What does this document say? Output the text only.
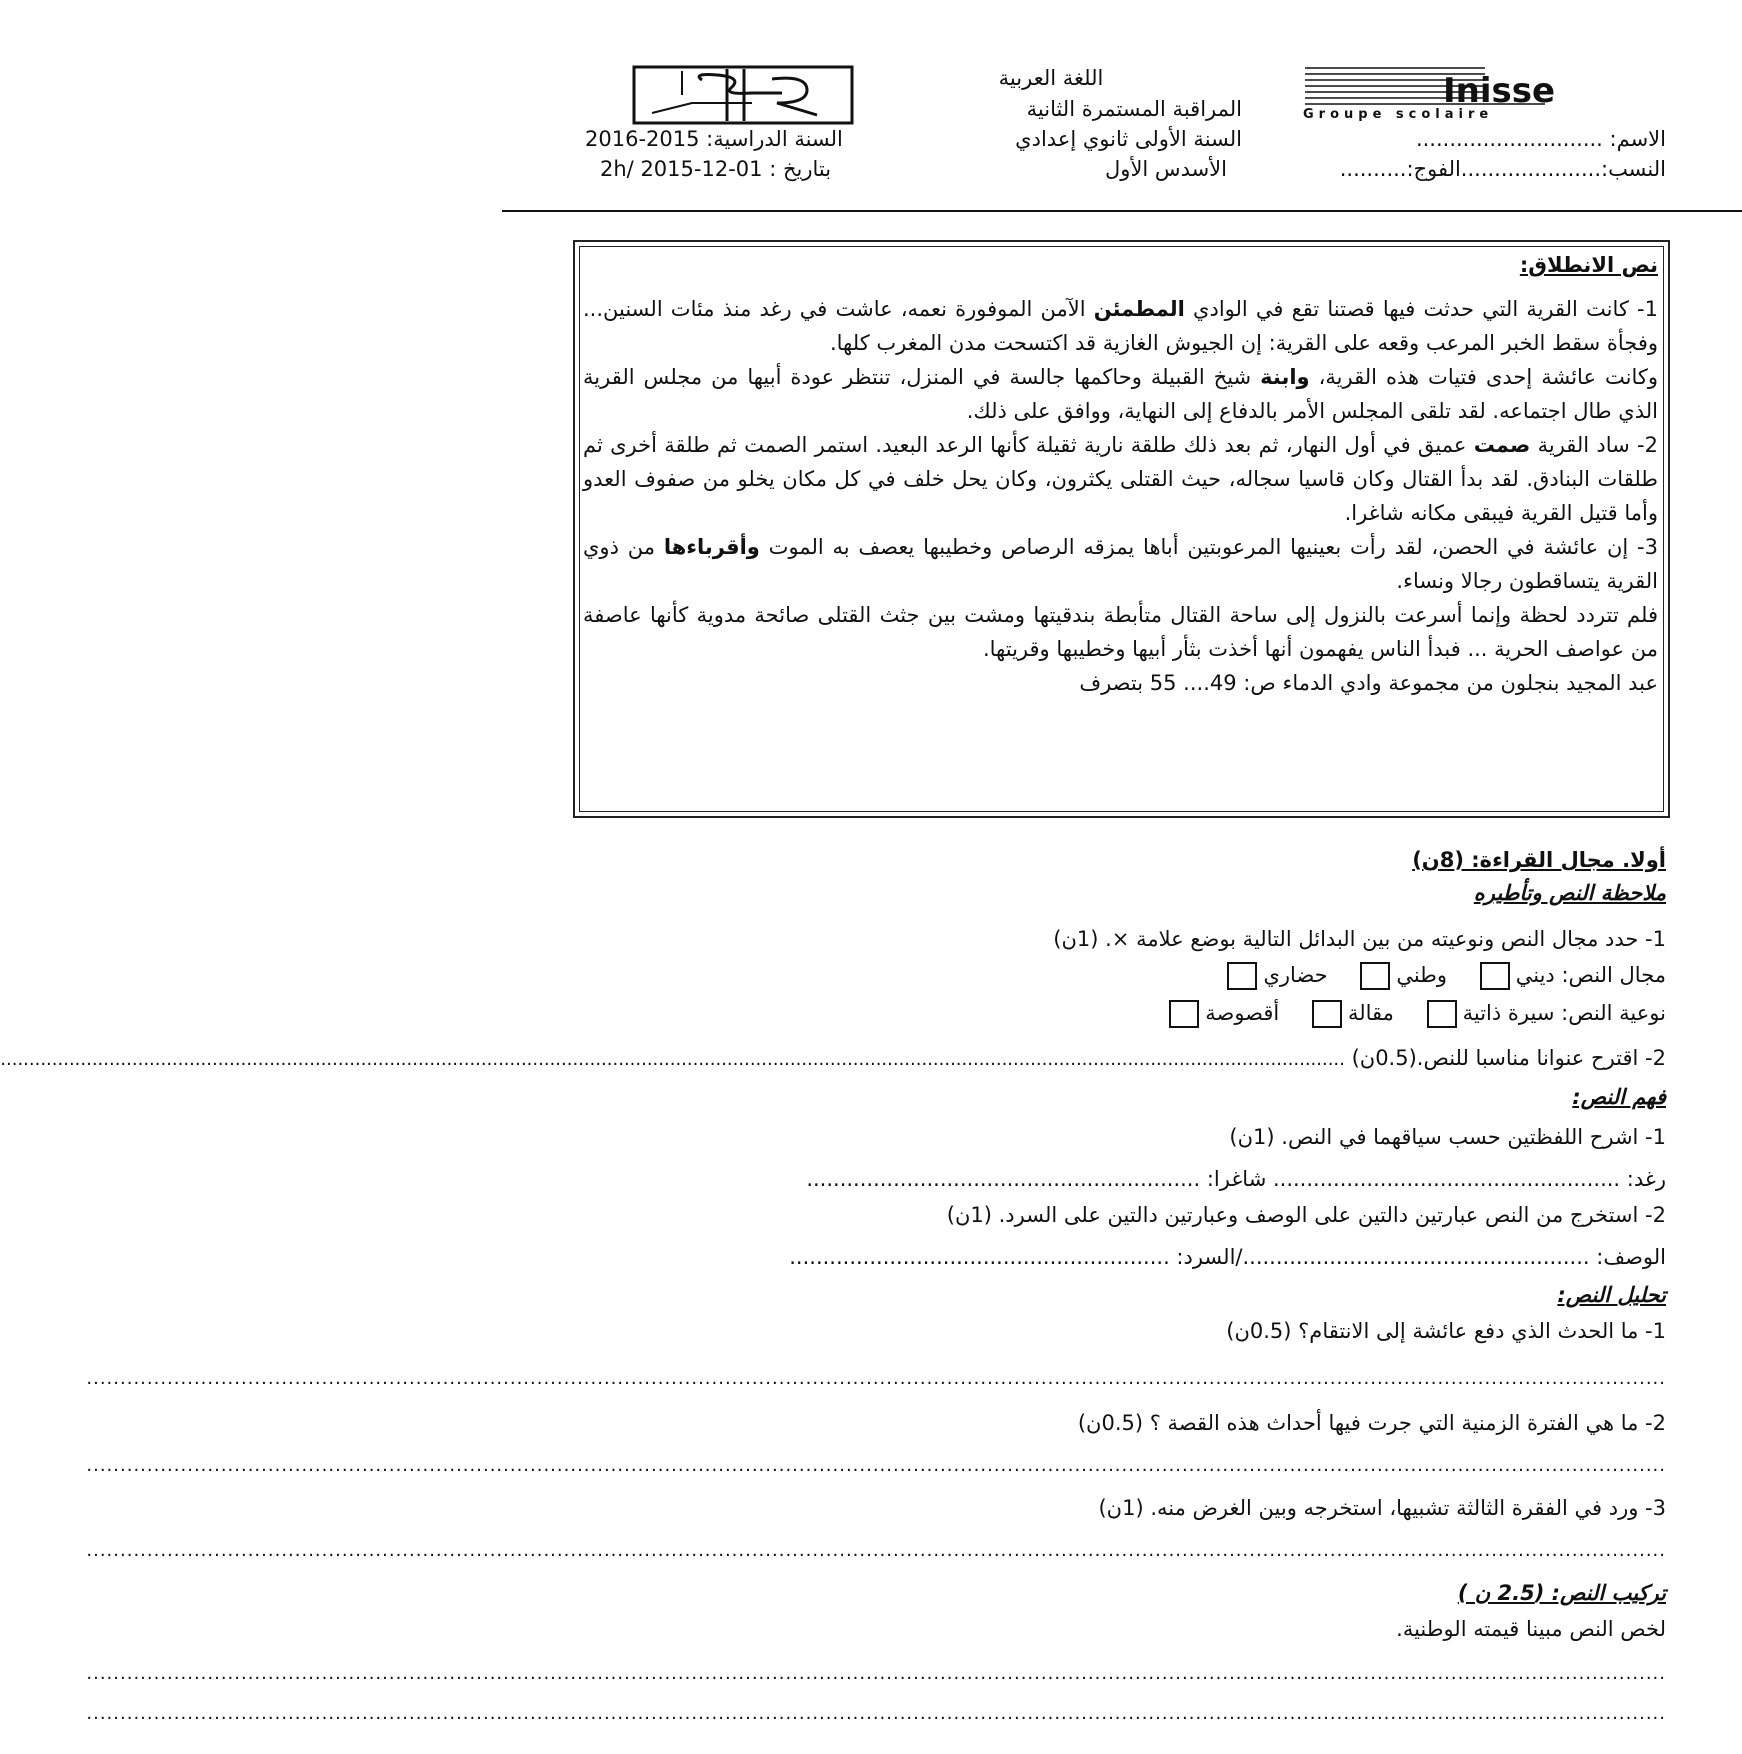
اللغة العربية
المراقبة المستمرة الثانية
السنة الأولى ثانوي إعدادي
الأسدس الأول
السنة الدراسية: 2015-2016
بتاريخ : 01-12-2015 /2h
الاسم: ............................
النسب:.....................الفوج:..........
Inisse
Groupe scolaire

نص الانطلاق:

1- كانت القرية التي حدثت فيها قصتنا تقع في الوادي المطمئن الآمن الموفورة نعمه، عاشت في رغد منذ مئات السنين... وفجأة سقط الخبر المرعب وقعه على القرية: إن الجيوش الغازية قد اكتسحت مدن المغرب كلها.

وكانت عائشة إحدى فتيات هذه القرية، وابنة شيخ القبيلة وحاكمها جالسة في المنزل، تنتظر عودة أبيها من مجلس القرية الذي طال اجتماعه. لقد تلقى المجلس الأمر بالدفاع إلى النهاية، ووافق على ذلك.

2- ساد القرية صمت عميق في أول النهار، ثم بعد ذلك طلقة نارية ثقيلة كأنها الرعد البعيد. استمر الصمت ثم طلقة أخرى ثم طلقات البنادق. لقد بدأ القتال وكان قاسيا سجاله، حيث القتلى يكثرون، وكان يحل خلف في كل مكان يخلو من صفوف العدو وأما قتيل القرية فيبقى مكانه شاغرا.

3- إن عائشة في الحصن، لقد رأت بعينيها المرعوبتين أباها يمزقه الرصاص وخطيبها يعصف به الموت وأقرباءها من ذوي القرية يتساقطون رجالا ونساء.

فلم تتردد لحظة وإنما أسرعت بالنزول إلى ساحة القتال متأبطة بندقيتها ومشت بين جثث القتلى صائحة مدوية كأنها عاصفة من عواصف الحرية ... فبدأ الناس يفهمون أنها أخذت بثأر أبيها وخطيبها وقريتها.

عبد المجيد بنجلون من مجموعة وادي الدماء ص: 49.... 55 بتصرف

أولا. مجال القراءة: (8ن)
ملاحظة النص وتأطيره
1- حدد مجال النص ونوعيته من بين البدائل التالية بوضع علامة ×. (1ن)
مجال النص: ديني    وطني    حضاري
نوعية النص: سيرة ذاتية    مقالة    أقصوصة
2- اقترح عنوانا مناسبا للنص.(0.5ن) ...........................................................................................................................................................................................................................................
فهم النص:
1- اشرح اللفظتين حسب سياقهما في النص. (1ن)
رغد: .................................................... شاغرا: ...........................................................
2- استخرج من النص عبارتين دالتين على الوصف وعبارتين دالتين على السرد. (1ن)
الوصف: ..................................................../السرد: .........................................................
تحليل النص:
1- ما الحدث الذي دفع عائشة إلى الانتقام؟ (0.5ن)
...........................................................................................................................................................................................................................................
2- ما هي الفترة الزمنية التي جرت فيها أحداث هذه القصة ؟ (0.5ن)
...........................................................................................................................................................................................................................................
3- ورد في الفقرة الثالثة تشبيها، استخرجه وبين الغرض منه. (1ن)
...........................................................................................................................................................................................................................................
تركيب النص: (2.5 ن )
لخص النص مبينا قيمته الوطنية.
...........................................................................................................................................................................................................................................
...........................................................................................................................................................................................................................................
